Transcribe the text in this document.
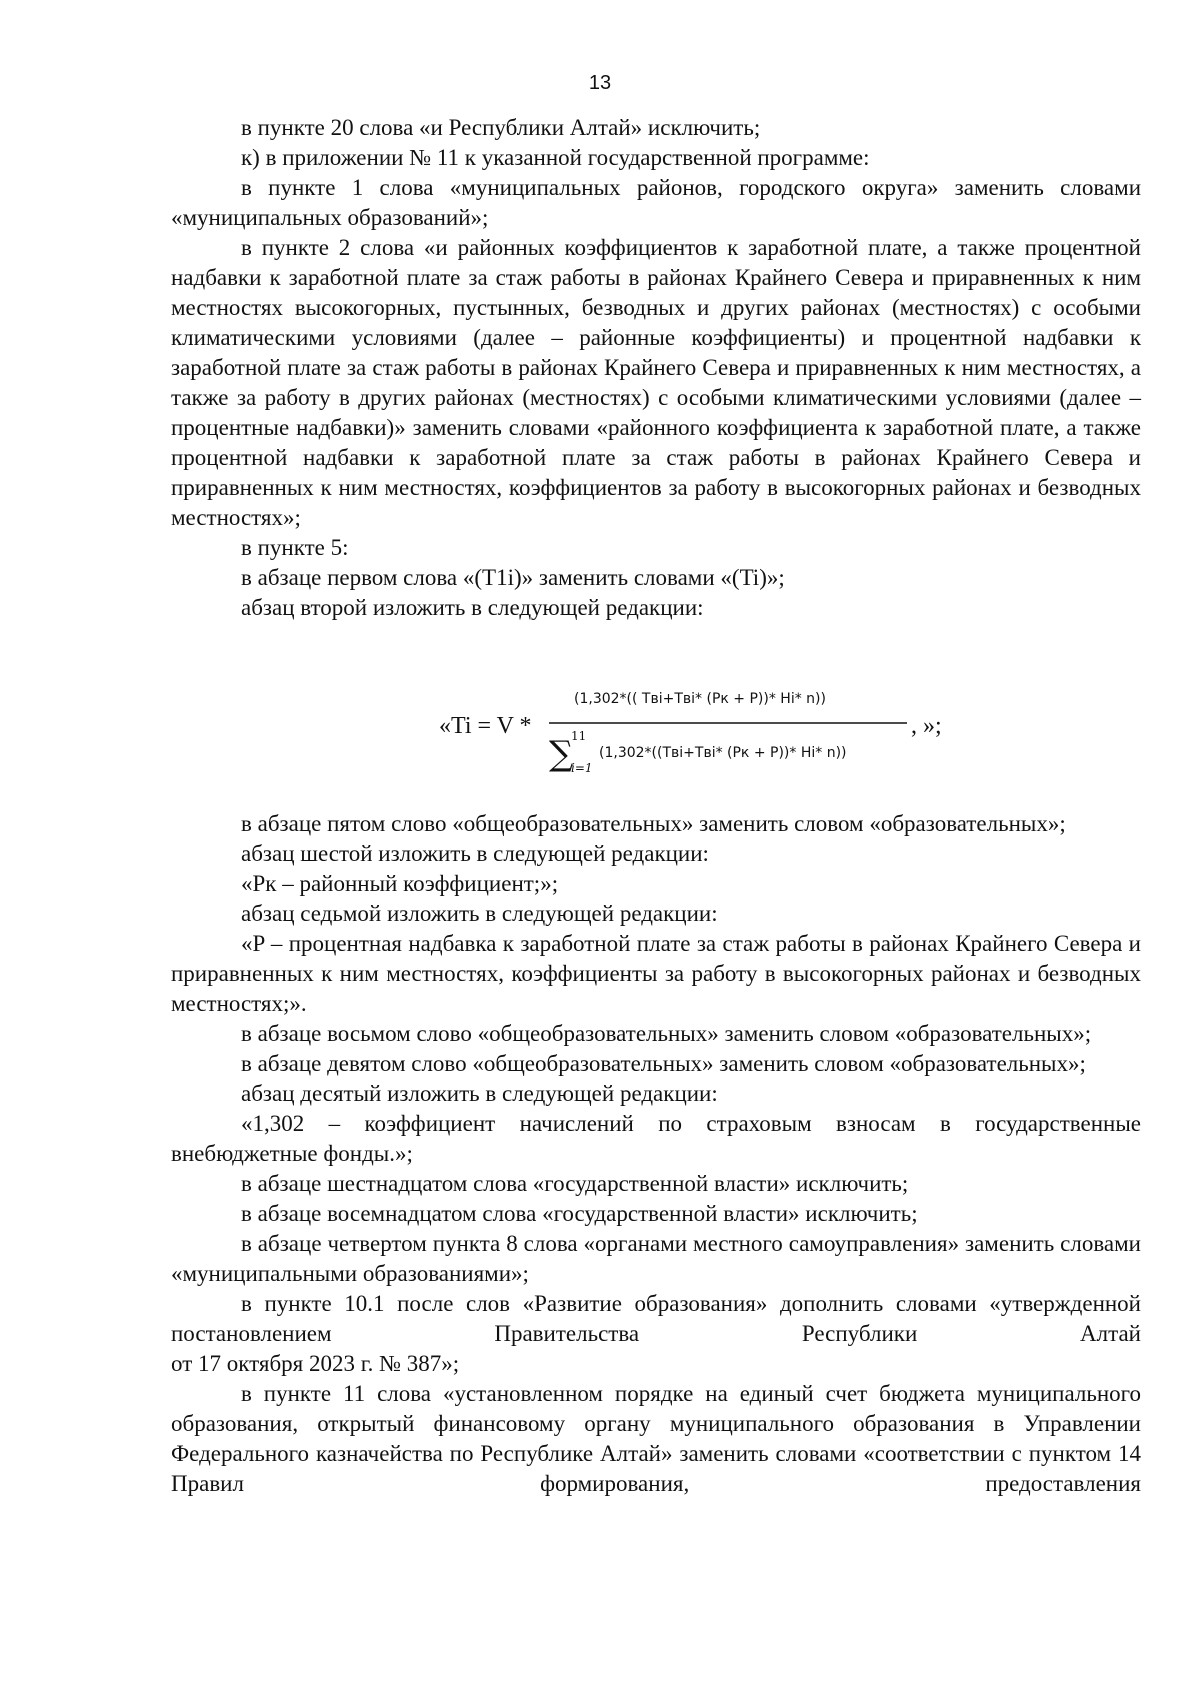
13

в пункте 20 слова «и Республики Алтай» исключить;

к) в приложении № 11 к указанной государственной программе:

в пункте 1 слова «муниципальных районов, городского округа» заменить словами «муниципальных образований»;

в пункте 2 слова «и районных коэффициентов к заработной плате, а также процентной надбавки к заработной плате за стаж работы в районах Крайнего Севера и приравненных к ним местностях высокогорных, пустынных, безводных и других районах (местностях) с особыми климатическими условиями (далее – районные коэффициенты) и процентной надбавки к заработной плате за стаж работы в районах Крайнего Севера и приравненных к ним местностях, а также за работу в других районах (местностях) с особыми климатическими условиями (далее – процентные надбавки)» заменить словами «районного коэффициента к заработной плате, а также процентной надбавки к заработной плате за стаж работы в районах Крайнего Севера и приравненных к ним местностях, коэффициентов за работу в высокогорных районах и безводных местностях»;

в пункте 5:

в абзаце первом слова «(T1i)» заменить словами «(Ti)»;

абзац второй изложить в следующей редакции:

«Ti = V *
(1,302*(( Твi+Твi* (Pк + P))* Hi* n))
∑
11
i=1
(1,302*((Твi+Твi* (Pк + P))* Hi* n))
, »;

в абзаце пятом слово «общеобразовательных» заменить словом «образовательных»;

абзац шестой изложить в следующей редакции:

«Pк – районный коэффициент;»;

абзац седьмой изложить в следующей редакции:

«P – процентная надбавка к заработной плате за стаж работы в районах Крайнего Севера и приравненных к ним местностях, коэффициенты за работу в высокогорных районах и безводных местностях;».

в абзаце восьмом слово «общеобразовательных» заменить словом «образовательных»;

в абзаце девятом слово «общеобразовательных» заменить словом «образовательных»;

абзац десятый изложить в следующей редакции:

«1,302 – коэффициент начислений по страховым взносам в государственные внебюджетные фонды.»;

в абзаце шестнадцатом слова «государственной власти» исключить;

в абзаце восемнадцатом слова «государственной власти» исключить;

в абзаце четвертом пункта 8 слова «органами местного самоуправления» заменить словами «муниципальными образованиями»;

в пункте 10.1 после слов «Развитие образования» дополнить словами «утвержденной постановлением Правительства Республики Алтай

от 17 октября 2023 г. № 387»;

в пункте 11 слова «установленном порядке на единый счет бюджета муниципального образования, открытый финансовому органу муниципального образования в Управлении Федерального казначейства по Республике Алтай» заменить словами «соответствии с пунктом 14 Правил формирования, предоставления
